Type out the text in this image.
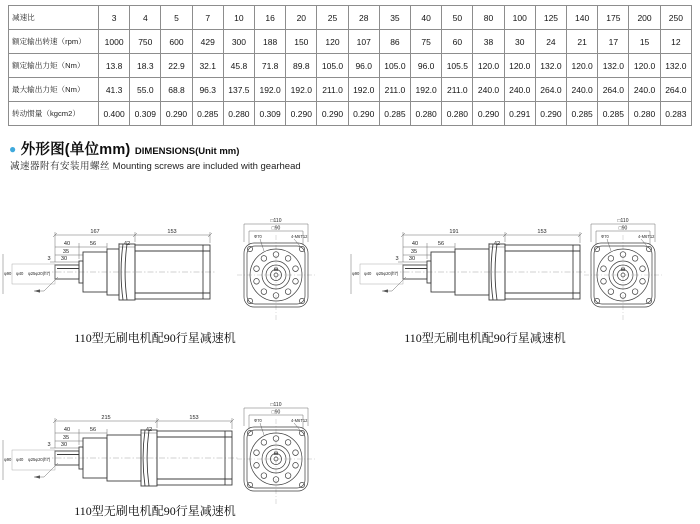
减速比	3	4	5	7	10	16	20	25	28	35	40	50	80	100	125	140	175	200	250
额定输出转速（rpm）	1000	750	600	429	300	188	150	120	107	86	75	60	38	30	24	21	17	15	12
额定输出力矩（Nm）	13.8	18.3	22.9	32.1	45.8	71.8	89.8	105.0	96.0	105.0	96.0	105.5	120.0	120.0	132.0	120.0	132.0	120.0	132.0
最大输出力矩（Nm）	41.3	55.0	68.8	96.3	137.5	192.0	192.0	211.0	192.0	211.0	192.0	211.0	240.0	240.0	264.0	240.0	264.0	240.0	264.0
转动惯量（kgcm2）	0.400	0.309	0.290	0.285	0.280	0.309	0.290	0.290	0.290	0.285	0.280	0.280	0.290	0.291	0.290	0.285	0.285	0.280	0.283
● 外形图(单位mm) DIMENSIONS(Unit mm)
减速器附有安装用螺丝 Mounting screws are included with gearhead
167	153
40	56	42
35
30
3
φ90 φ40 φ25φ20(h7)
□110
□90
Φ70	4-M6T12
110型无刷电机配90行星减速机
191	153
40	56	42
35
30
3
φ90 φ40 φ25φ20(h7)
□110
□90
Φ70	4-M6T12
110型无刷电机配90行星减速机
215	153
40	56	42
35
30
3
φ90 φ40 φ25φ20(h7)
□110
□90
Φ70	4-M6T12
110型无刷电机配90行星减速机
